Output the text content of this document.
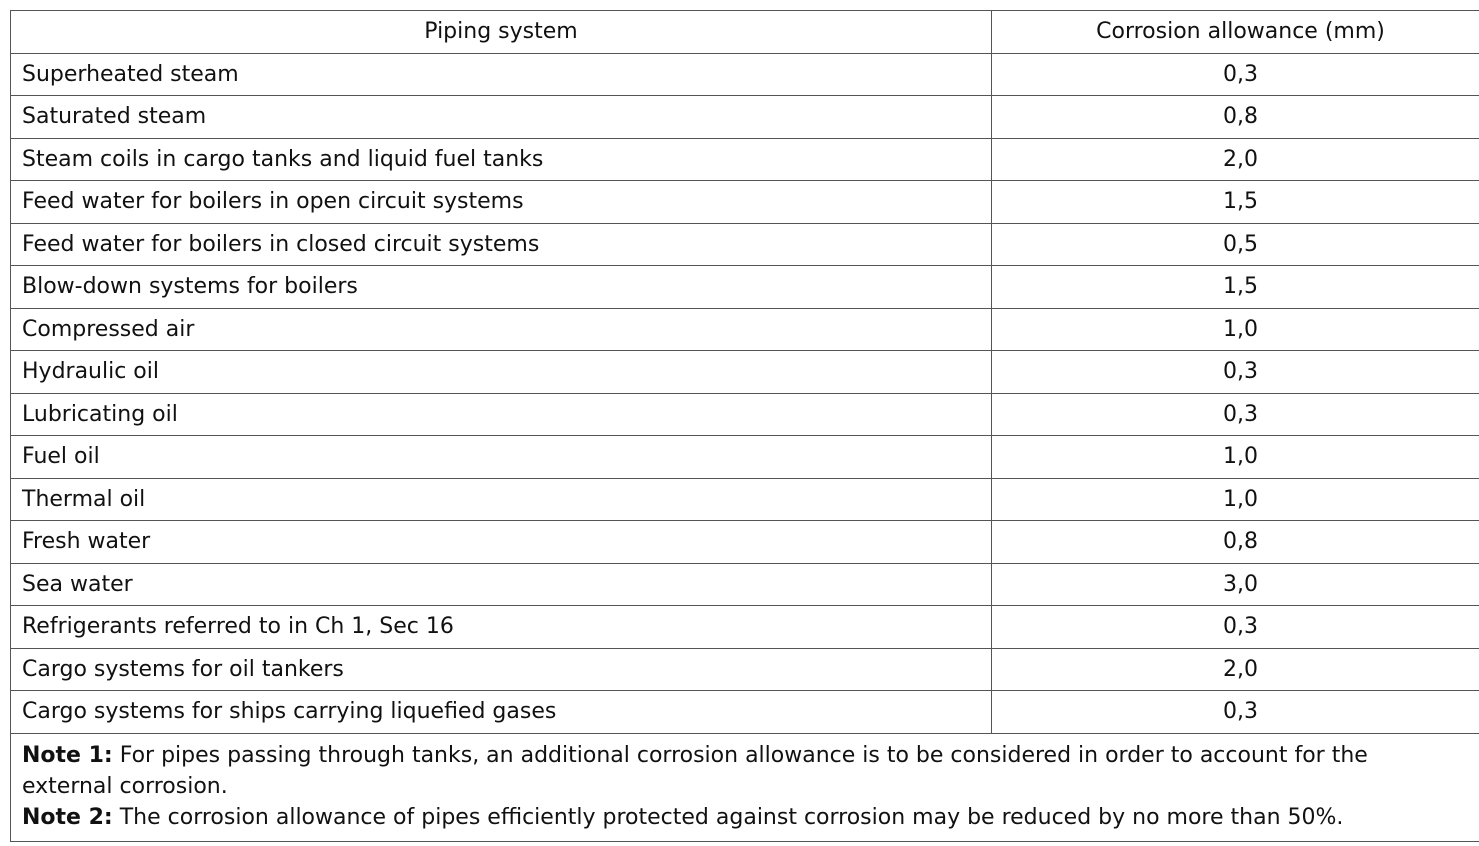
Piping system	Corrosion allowance (mm)
Superheated steam	0,3
Saturated steam	0,8
Steam coils in cargo tanks and liquid fuel tanks	2,0
Feed water for boilers in open circuit systems	1,5
Feed water for boilers in closed circuit systems	0,5
Blow-down systems for boilers	1,5
Compressed air	1,0
Hydraulic oil	0,3
Lubricating oil	0,3
Fuel oil	1,0
Thermal oil	1,0
Fresh water	0,8
Sea water	3,0
Refrigerants referred to in Ch 1, Sec 16	0,3
Cargo systems for oil tankers	2,0
Cargo systems for ships carrying liquefied gases	0,3

Note 1: For pipes passing through tanks, an additional corrosion allowance is to be considered in order to account for the external corrosion.
Note 2: The corrosion allowance of pipes efficiently protected against corrosion may be reduced by no more than 50%.	
